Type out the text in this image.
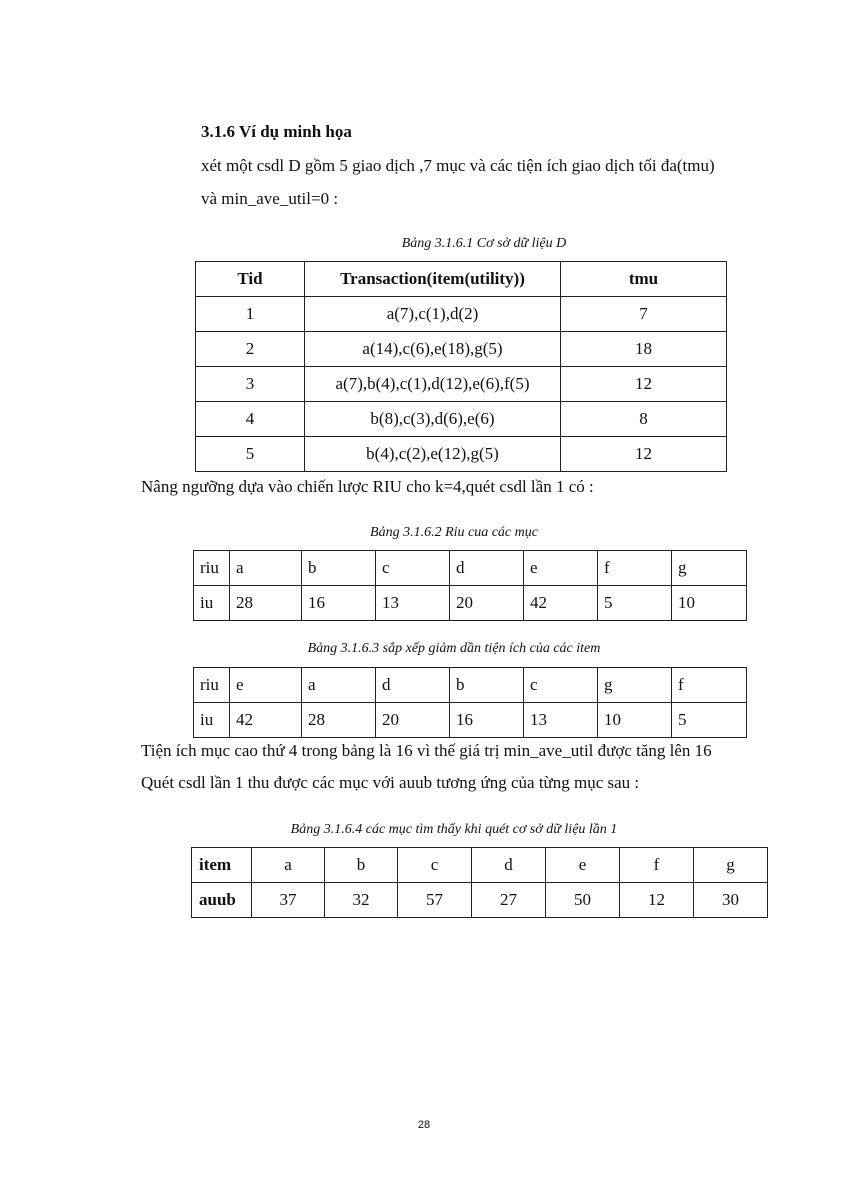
3.1.6 Ví dụ minh họa
xét một csdl D gồm 5 giao dịch ,7 mục và các tiện ích giao dịch tối đa(tmu)
và min_ave_util=0 :
Bảng 3.1.6.1 Cơ sở dữ liệu D
Tid	Transaction(item(utility))	tmu
1	a(7),c(1),d(2)	7
2	a(14),c(6),e(18),g(5)	18
3	a(7),b(4),c(1),d(12),e(6),f(5)	12
4	b(8),c(3),d(6),e(6)	8
5	b(4),c(2),e(12),g(5)	12
Nâng ngưỡng dựa vào chiến lược RIU cho k=4,quét csdl lần 1 có :
Bảng 3.1.6.2 Riu cua các mục
riu	a	b	c	d	e	f	g
iu	28	16	13	20	42	5	10
Bảng 3.1.6.3 sắp xếp giảm dần tiện ích của các item
riu	e	a	d	b	c	g	f
iu	42	28	20	16	13	10	5
Tiện ích mục cao thứ 4 trong bảng là 16 vì thế giá trị min_ave_util được tăng lên 16
Quét csdl lần 1 thu được các mục với auub tương ứng của từng mục sau :
Bảng 3.1.6.4 các mục tìm thấy khi quét cơ sở dữ liệu lần 1
item	a	b	c	d	e	f	g
auub	37	32	57	27	50	12	30
28
